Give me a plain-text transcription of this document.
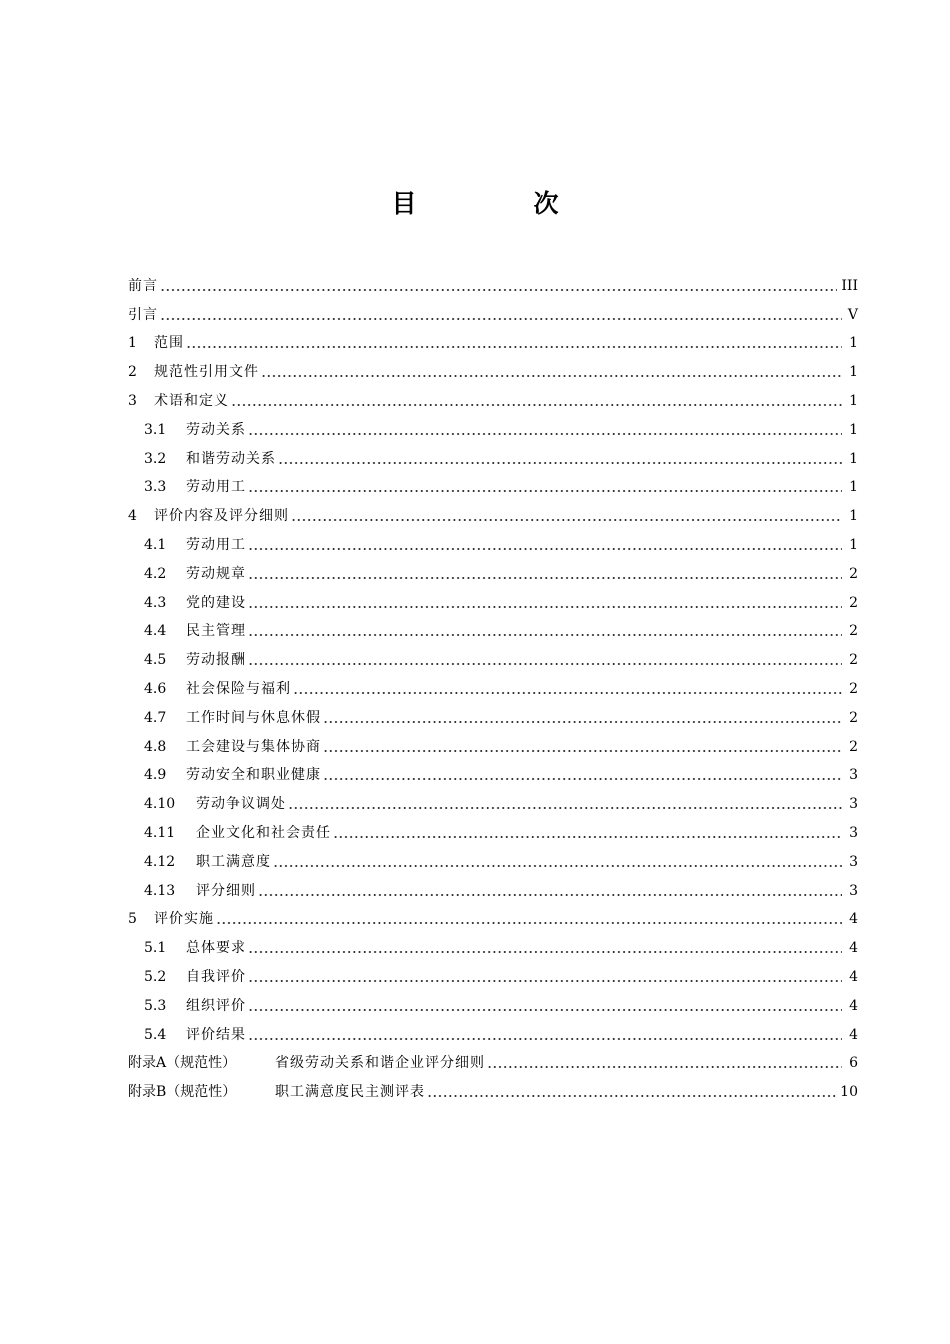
目　次
前言	III
引言	V
1	范围	1
2	规范性引用文件	1
3	术语和定义	1
3.1	劳动关系	1
3.2	和谐劳动关系	1
3.3	劳动用工	1
4	评价内容及评分细则	1
4.1	劳动用工	1
4.2	劳动规章	2
4.3	党的建设	2
4.4	民主管理	2
4.5	劳动报酬	2
4.6	社会保险与福利	2
4.7	工作时间与休息休假	2
4.8	工会建设与集体协商	2
4.9	劳动安全和职业健康	3
4.10	劳动争议调处	3
4.11	企业文化和社会责任	3
4.12	职工满意度	3
4.13	评分细则	3
5	评价实施	4
5.1	总体要求	4
5.2	自我评价	4
5.3	组织评价	4
5.4	评价结果	4
附录A（规范性）	省级劳动关系和谐企业评分细则	6
附录B（规范性）	职工满意度民主测评表	10
